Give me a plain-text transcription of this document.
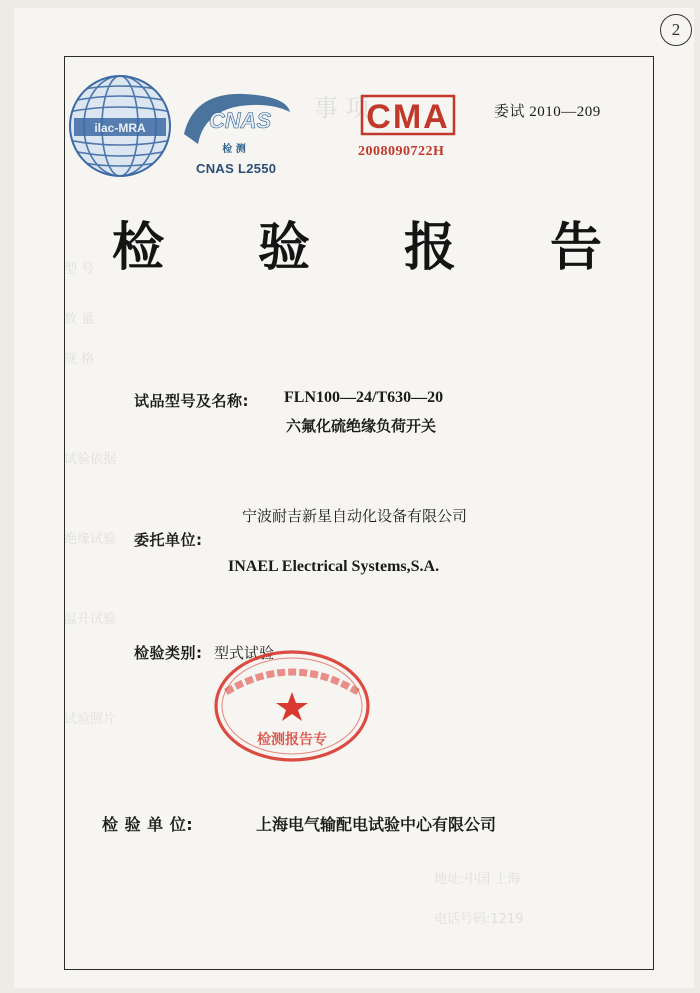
事 项
型 号
数 量
规 格
试验依据
绝缘试验
温升试验
试验照片
地址:中国 上海
电话号码:1219
2
ilac-MRA	CNAS
检 测
CNAS L2550
CMA
2008090722H
委试 2010—209
检 验 报 告
试品型号及名称: FLN100—24/T630—20
六氟化硫绝缘负荷开关
宁波耐吉新星自动化设备有限公司
委托单位:
INAEL Electrical Systems,S.A.
检验类别: 型式试验
检测报告专
检 验 单 位:	上海电气输配电试验中心有限公司
